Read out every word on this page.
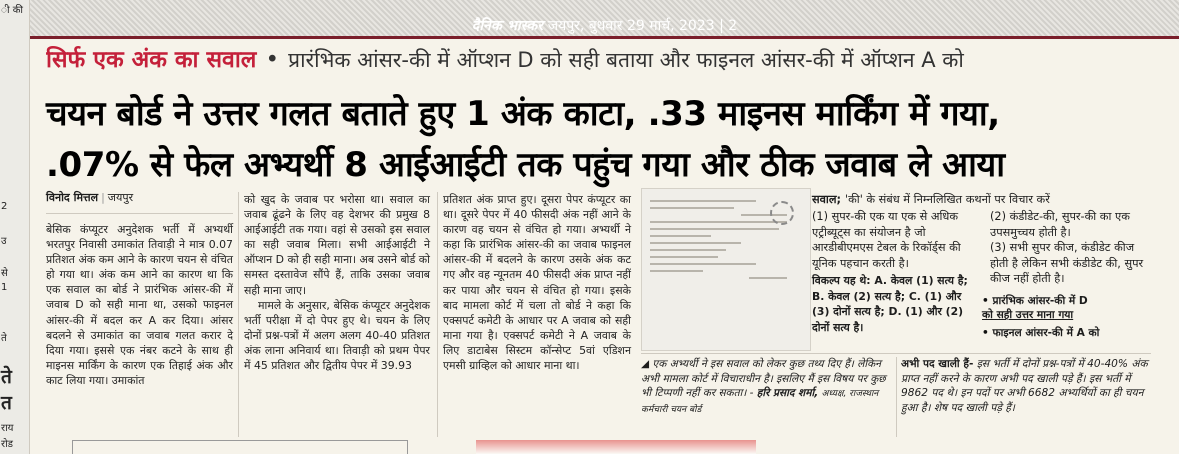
ी की
ते
2
उ
से
1
ते
त
राय
रोड
दैनिक भास्कर जयपुर, बुधवार 29 मार्च, 2023 | 2
सिर्फ एक अंक का सवाल • प्रारंभिक आंसर-की में ऑप्शन D को सही बताया और फाइनल आंसर-की में ऑप्शन A को
चयन बोर्ड ने उत्तर गलत बताते हुए 1 अंक काटा, .33 माइनस मार्किंग में गया,
.07% से फेल अभ्यर्थी 8 आईआईटी तक पहुंच गया और ठीक जवाब ले आया
विनोद मित्तल | जयपुर

बेसिक कंप्यूटर अनुदेशक भर्ती में अभ्यर्थी भरतपुर निवासी उमाकांत तिवाड़ी ने मात्र 0.07 प्रतिशत अंक कम आने के कारण चयन से वंचित हो गया था। अंक कम आने का कारण था कि एक सवाल का बोर्ड ने प्रारंभिक आंसर-की में जवाब D को सही माना था, उसको फाइनल आंसर-की में बदल कर A कर दिया। आंसर बदलने से उमाकांत का जवाब गलत करार दे दिया गया। इससे एक नंबर कटने के साथ ही माइनस मार्किंग के कारण एक तिहाई अंक और काट लिया गया। उमाकांत

को खुद के जवाब पर भरोसा था। सवाल का जवाब ढूंढने के लिए वह देशभर की प्रमुख 8 आईआईटी तक गया। वहां से उसको इस सवाल का सही जवाब मिला। सभी आईआईटी ने ऑप्शन D को ही सही माना। अब उसने बोर्ड को समस्त दस्तावेज सौंपे हैं, ताकि उसका जवाब सही माना जाए।

मामले के अनुसार, बेसिक कंप्यूटर अनुदेशक भर्ती परीक्षा में दो पेपर हुए थे। चयन के लिए दोनों प्रश्न-पत्रों में अलग अलग 40-40 प्रतिशत अंक लाना अनिवार्य था। तिवाड़ी को प्रथम पेपर में 45 प्रतिशत और द्वितीय पेपर में 39.93

प्रतिशत अंक प्राप्त हुए। दूसरा पेपर कंप्यूटर का था। दूसरे पेपर में 40 फीसदी अंक नहीं आने के कारण वह चयन से वंचित हो गया। अभ्यर्थी ने कहा कि प्रारंभिक आंसर-की का जवाब फाइनल आंसर-की में बदलने के कारण उसके अंक कट गए और वह न्यूनतम 40 फीसदी अंक प्राप्त नहीं कर पाया और चयन से वंचित हो गया। इसके बाद मामला कोर्ट में चला तो बोर्ड ने कहा कि एक्सपर्ट कमेटी के आधार पर A जवाब को सही माना गया है। एक्सपर्ट कमेटी ने A जवाब के लिए डाटाबेस सिस्टम कॉन्सेप्ट 5वां एडिशन एमसी ग्राव्हिल को आधार माना था।

सवाल; 'की' के संबंध में निम्नलिखित कथनों पर विचार करें

(1) सुपर-की एक या एक से अधिक एट्रीब्यूट्स का संयोजन है जो आरडीबीएमएस टेबल के रिकॉर्ड्स की यूनिक पहचान करती है।

विकल्प यह थे: A. केवल (1) सत्य है; B. केवल (2) सत्य है; C. (1) और (3) दोनों सत्य है; D. (1) और (2) दोनों सत्य है।

(2) कंडीडेट-की, सुपर-की का एक उपसमुच्चय होती है।

(3) सभी सुपर कीज, कंडीडेट कीज होती है लेकिन सभी कंडीडेट की, सुपर कीज नहीं होती है।

• प्रारंभिक आंसर-की में D
को सही उत्तर माना गया
• फाइनल आंसर-की में A को
◢ एक अभ्यर्थी ने इस सवाल को लेकर कुछ तथ्य दिए हैं। लेकिन अभी मामला कोर्ट में विचाराधीन है। इसलिए मैं इस विषय पर कुछ भी टिप्पणी नहीं कर सकता। - हरि प्रसाद शर्मा, अध्यक्ष, राजस्थान कर्मचारी चयन बोर्ड
अभी पद खाली हैं- इस भर्ती में दोनों प्रश्न-पत्रों में 40-40% अंक प्राप्त नहीं करने के कारण अभी पद खाली पड़े हैं। इस भर्ती में 9862 पद थे। इन पदों पर अभी 6682 अभ्यर्थियों का ही चयन हुआ है। शेष पद खाली पड़े हैं।
